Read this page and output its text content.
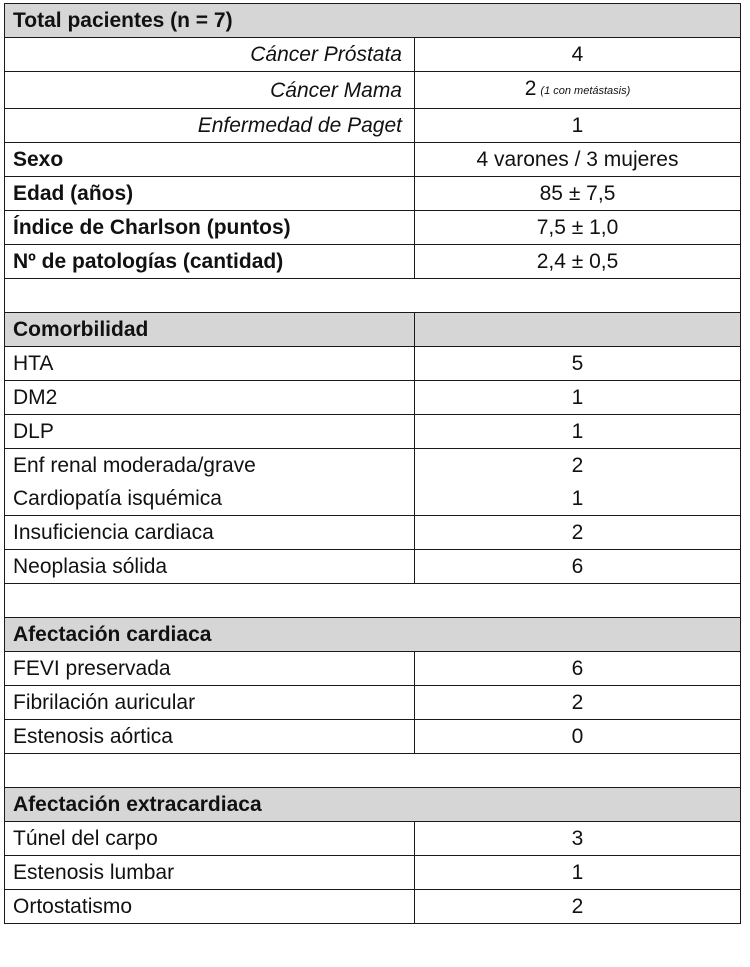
Total pacientes (n = 7)	
Cáncer Próstata	4
Cáncer Mama	2 (1 con metástasis)
Enfermedad de Paget	1
Sexo	4 varones / 3 mujeres
Edad (años)	85 ± 7,5
Índice de Charlson (puntos)	7,5 ± 1,0
Nº de patologías (cantidad)	2,4 ± 0,5

Comorbilidad	
HTA	5
DM2	1
DLP	1
Enf renal moderada/grave	2
Cardiopatía isquémica	1
Insuficiencia cardiaca	2
Neoplasia sólida	6

Afectación cardiaca	
FEVI preservada	6
Fibrilación auricular	2
Estenosis aórtica	0

Afectación extracardiaca	
Túnel del carpo	3
Estenosis lumbar	1
Ortostatismo	2
